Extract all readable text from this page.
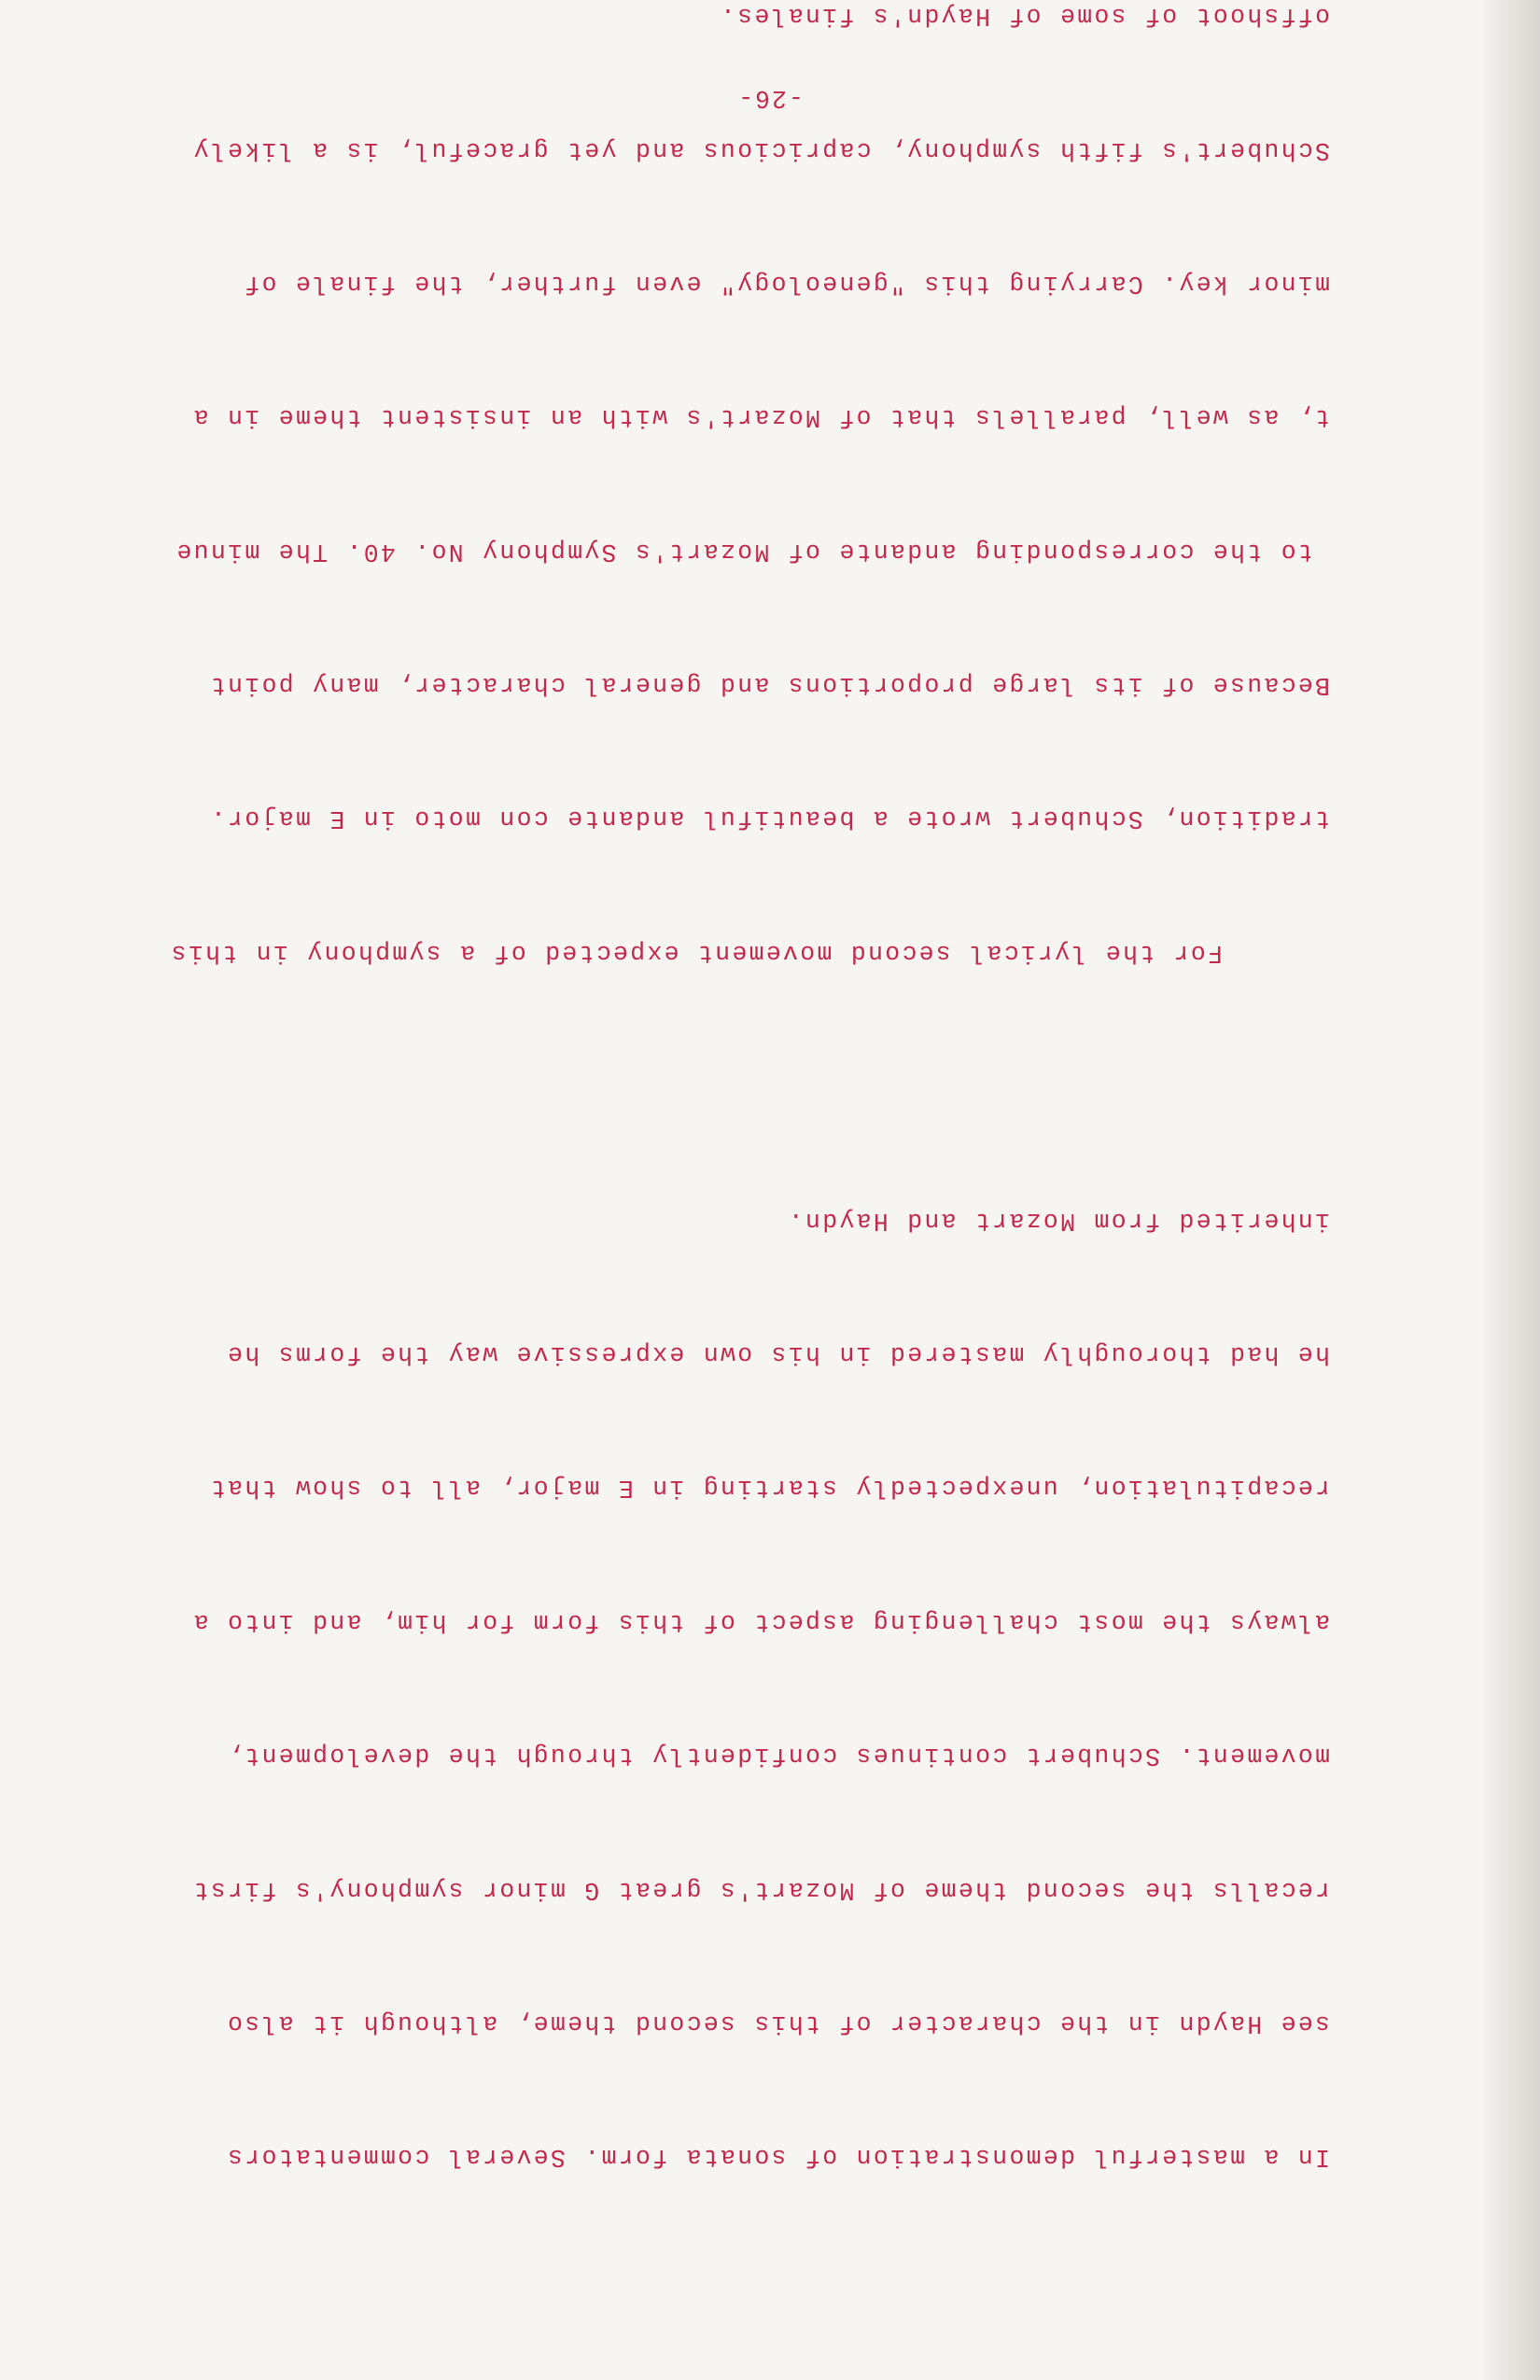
In a masterful demonstration of sonata form. Several commentators

see Haydn in the character of this second theme, although it also

recalls the second theme of Mozart's great G minor symphony's first

movement. Schubert continues confidently through the development,

always the most challenging aspect of this form for him, and into a

recapitulation, unexpectedly starting in E major, all to show that

he had thoroughly mastered in his own expressive way the forms he

inherited from Mozart and Haydn.

For the lyrical second movement expected of a symphony in this

tradition, Schubert wrote a beautiful andante con moto in E major.

Because of its large proportions and general character, many point

to the corresponding andante of Mozart's Symphony No. 40. The minue

t, as well, parallels that of Mozart's with an insistent theme in a

minor key. Carrying this "geneology" even further, the finale of

Schubert's fifth symphony, capricious and yet graceful, is a likely

offshoot of some of Haydn's finales.

-26-
